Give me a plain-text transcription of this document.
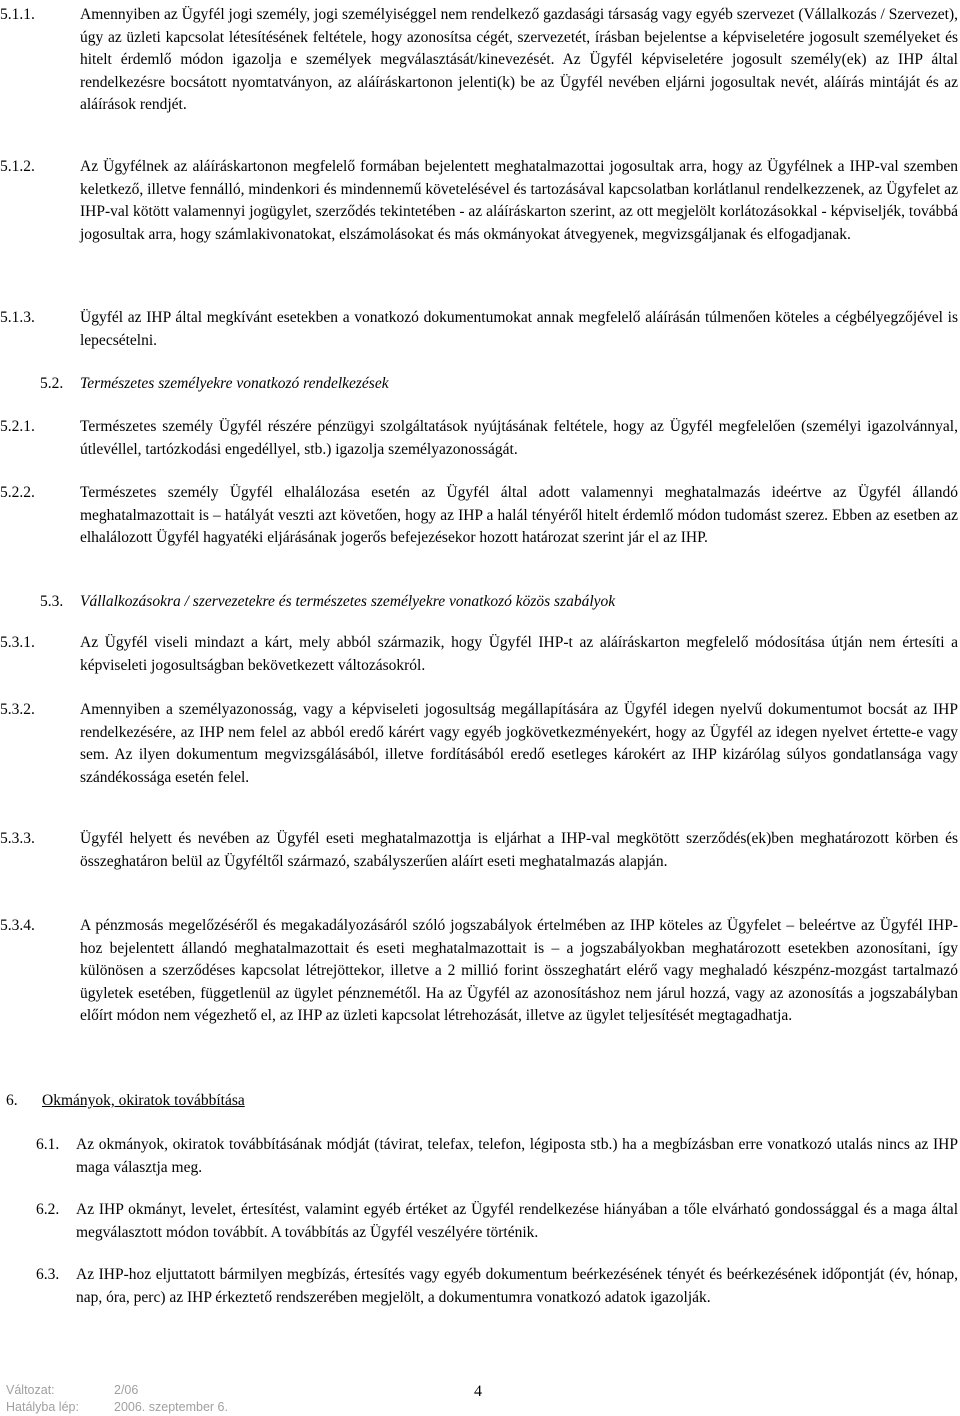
5.1.1.	Amennyiben az Ügyfél jogi személy, jogi személyiséggel nem rendelkező gazdasági társaság vagy egyéb szervezet (Vállalkozás / Szervezet), úgy az üzleti kapcsolat létesítésének feltétele, hogy azonosítsa cégét, szervezetét, írásban bejelentse a képviseletére jogosult személyeket és hitelt érdemlő módon igazolja e személyek megválasztását/kinevezését. Az Ügyfél képviseletére jogosult személy(ek) az IHP által rendelkezésre bocsátott nyomtatványon, az aláíráskartonon jelenti(k) be az Ügyfél nevében eljárni jogosultak nevét, aláírás mintáját és az aláírások rendjét.
5.1.2.	Az Ügyfélnek az aláíráskartonon megfelelő formában bejelentett meghatalmazottai jogosultak arra, hogy az Ügyfélnek a IHP-val szemben keletkező, illetve fennálló, mindenkori és mindennemű követelésével és tartozásával kapcsolatban korlátlanul rendelkezzenek, az Ügyfelet az IHP-val kötött valamennyi jogügylet, szerződés tekintetében - az aláíráskarton szerint, az ott megjelölt korlátozásokkal - képviseljék, továbbá jogosultak arra, hogy számlakivonatokat, elszámolásokat és más okmányokat átvegyenek, megvizsgáljanak és elfogadjanak.
5.1.3.	Ügyfél az IHP által megkívánt esetekben a vonatkozó dokumentumokat annak megfelelő aláírásán túlmenően köteles a cégbélyegzőjével is lepecsételni.
5.2. Természetes személyekre vonatkozó rendelkezések
5.2.1.	Természetes személy Ügyfél részére pénzügyi szolgáltatások nyújtásának feltétele, hogy az Ügyfél megfelelően (személyi igazolvánnyal, útlevéllel, tartózkodási engedéllyel, stb.) igazolja személyazonosságát.
5.2.2.	Természetes személy Ügyfél elhalálozása esetén az Ügyfél által adott valamennyi meghatalmazás ideértve az Ügyfél állandó meghatalmazottait is – hatályát veszti azt követően, hogy az IHP a halál tényéről hitelt érdemlő módon tudomást szerez. Ebben az esetben az elhalálozott Ügyfél hagyatéki eljárásának jogerős befejezésekor hozott határozat szerint jár el az IHP.
5.3. Vállalkozásokra / szervezetekre és természetes személyekre vonatkozó közös szabályok
5.3.1.	Az Ügyfél viseli mindazt a kárt, mely abból származik, hogy Ügyfél IHP-t az aláíráskarton megfelelő módosítása útján nem értesíti a képviseleti jogosultságban bekövetkezett változásokról.
5.3.2.	Amennyiben a személyazonosság, vagy a képviseleti jogosultság megállapítására az Ügyfél idegen nyelvű dokumentumot bocsát az IHP rendelkezésére, az IHP nem felel az abból eredő kárért vagy egyéb jogkövetkezményekért, hogy az Ügyfél az idegen nyelvet értette-e vagy sem. Az ilyen dokumentum megvizsgálásából, illetve fordításából eredő esetleges károkért az IHP kizárólag súlyos gondatlansága vagy szándékossága esetén felel.
5.3.3.	Ügyfél helyett és nevében az Ügyfél eseti meghatalmazottja is eljárhat a IHP-val megkötött szerződés(ek)ben meghatározott körben és összeghatáron belül az Ügyféltől származó, szabályszerűen aláírt eseti meghatalmazás alapján.
5.3.4.	A pénzmosás megelőzéséről és megakadályozásáról szóló jogszabályok értelmében az IHP köteles az Ügyfelet – beleértve az Ügyfél IHP-hoz bejelentett állandó meghatalmazottait és eseti meghatalmazottait is – a jogszabályokban meghatározott esetekben azonosítani, így különösen a szerződéses kapcsolat létrejöttekor, illetve a 2 millió forint összeghatárt elérő vagy meghaladó készpénz-mozgást tartalmazó ügyletek esetében, függetlenül az ügylet pénznemétől. Ha az Ügyfél az azonosításhoz nem járul hozzá, vagy az azonosítás a jogszabályban előírt módon nem végezhető el, az IHP az üzleti kapcsolat létrehozását, illetve az ügylet teljesítését megtagadhatja.
6. Okmányok, okiratok továbbítása
6.1. Az okmányok, okiratok továbbításának módját (távirat, telefax, telefon, légiposta stb.) ha a megbízásban erre vonatkozó utalás nincs az IHP maga választja meg.
6.2. Az IHP okmányt, levelet, értesítést, valamint egyéb értéket az Ügyfél rendelkezése hiányában a tőle elvárható gondossággal és a maga által megválasztott módon továbbít. A továbbítás az Ügyfél veszélyére történik.
6.3. Az IHP-hoz eljuttatott bármilyen megbízás, értesítés vagy egyéb dokumentum beérkezésének tényét és beérkezésének időpontját (év, hónap, nap, óra, perc) az IHP érkeztető rendszerében megjelölt, a dokumentumra vonatkozó adatok igazolják.
Változat:	2/06
Hatályba lép:	2006. szeptember 6.
4
